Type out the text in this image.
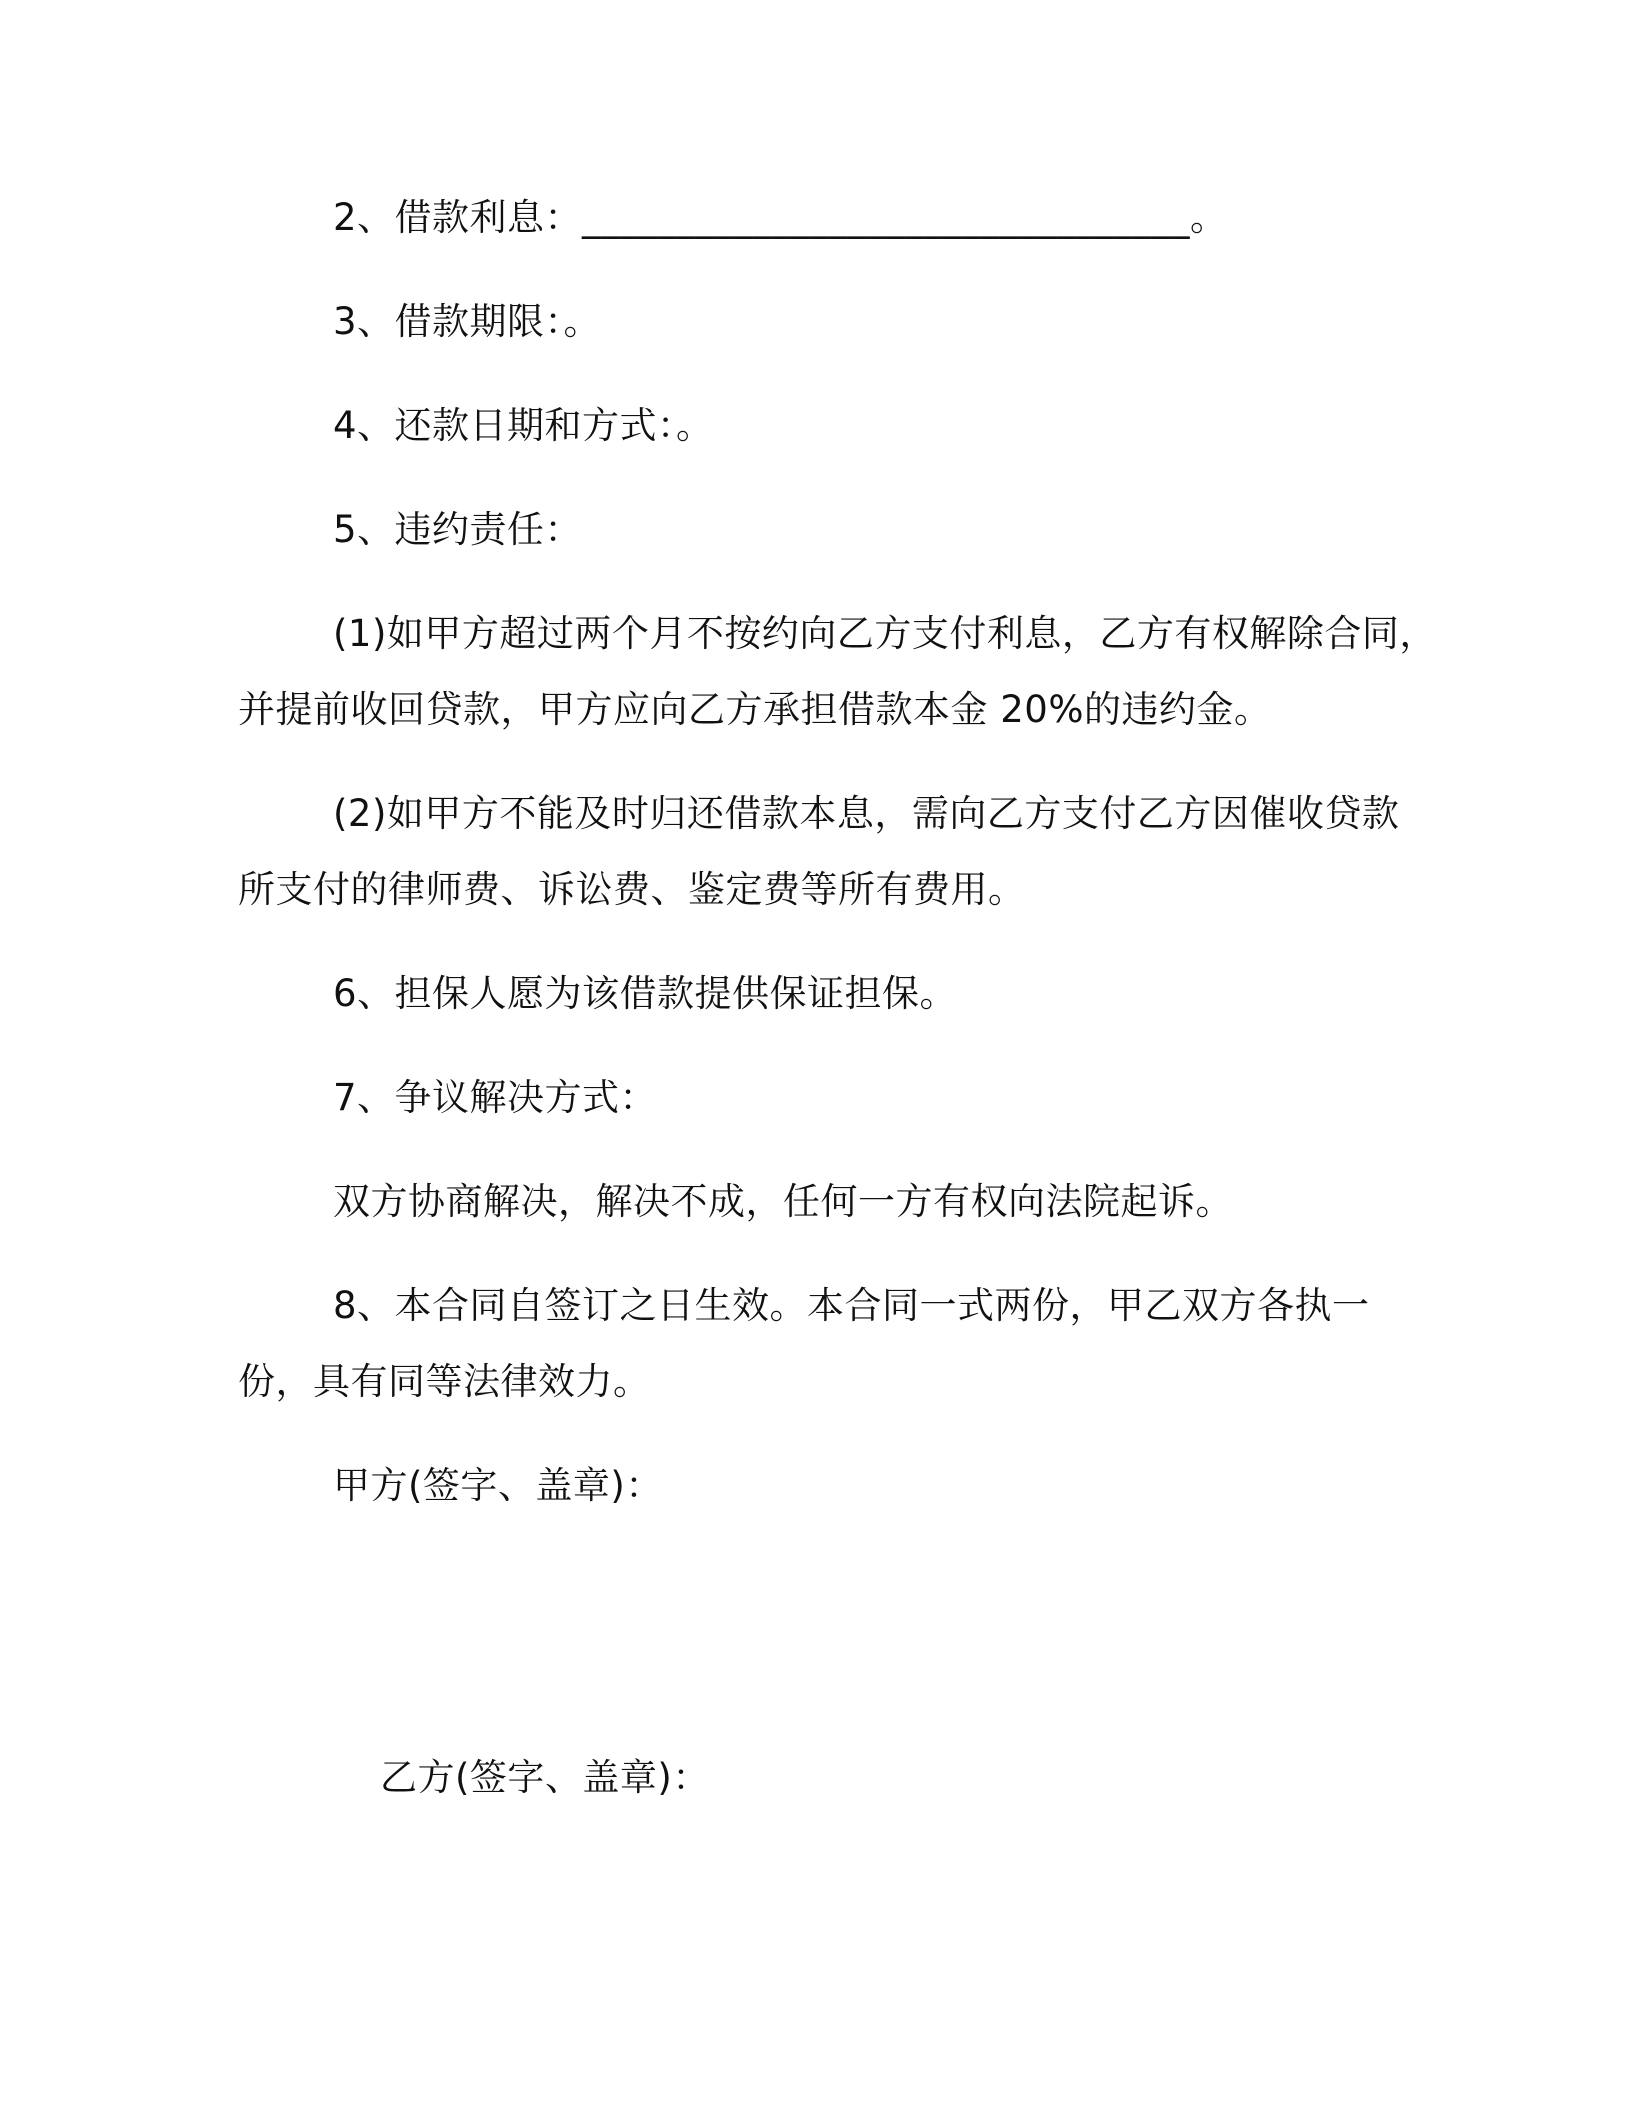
2、借款利息：________________________________。
3、借款期限：。
4、还款日期和方式：。
5、违约责任：
(1)如甲方超过两个月不按约向乙方支付利息，乙方有权解除合同，
并提前收回贷款，甲方应向乙方承担借款本金 20%的违约金。
(2)如甲方不能及时归还借款本息，需向乙方支付乙方因催收贷款
所支付的律师费、诉讼费、鉴定费等所有费用。
6、担保人愿为该借款提供保证担保。
7、争议解决方式：
双方协商解决，解决不成，任何一方有权向法院起诉。
8、本合同自签订之日生效。本合同一式两份，甲乙双方各执一
份，具有同等法律效力。
甲方(签字、盖章)：
乙方(签字、盖章)：
